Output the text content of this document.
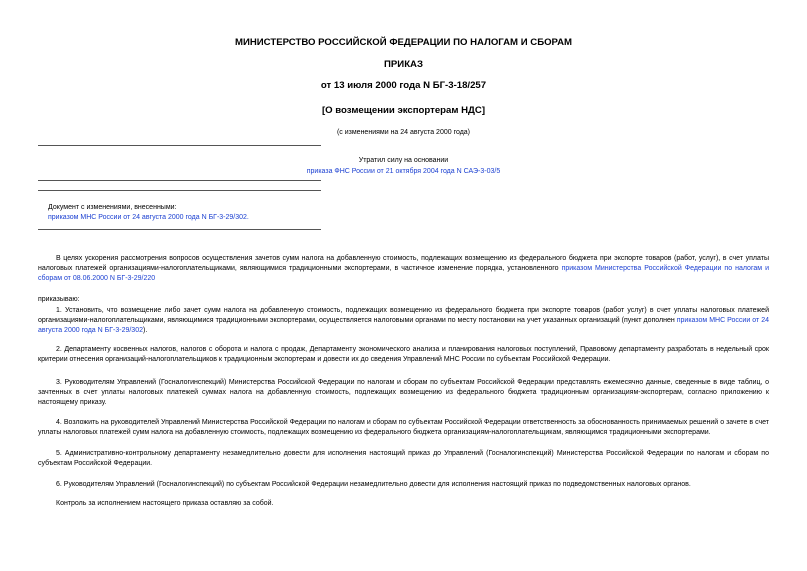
МИНИСТЕРСТВО РОССИЙСКОЙ ФЕДЕРАЦИИ ПО НАЛОГАМ И СБОРАМ
ПРИКАЗ
от 13 июля 2000 года N БГ-3-18/257
[О возмещении экспортерам НДС]
(с изменениями на 24 августа 2000 года)
Утратил силу на основании
приказа ФНС России от 21 октября 2004 года N САЭ-3-03/5
Документ с изменениями, внесенными:
приказом МНС России от 24 августа 2000 года N БГ-3-29/302.
В целях ускорения рассмотрения вопросов осуществления зачетов сумм налога на добавленную стоимость, подлежащих возмещению из федерального бюджета при экспорте товаров (работ, услуг), в счет уплаты налоговых платежей организациями-налогоплательщиками, являющимися традиционными экспортерами, в частичное изменение порядка, установленного приказом Министерства Российской Федерации по налогам и сборам от 08.06.2000 N БГ-3-29/220
приказываю:
1. Установить, что возмещение либо зачет сумм налога на добавленную стоимость, подлежащих возмещению из федерального бюджета при экспорте товаров (работ услуг) в счет уплаты налоговых платежей организациями-налогоплательщиками, являющимися традиционными экспортерами, осуществляется налоговыми органами по месту постановки на учет указанных организаций (пункт дополнен приказом МНС России от 24 августа 2000 года N БГ-3-29/302).
2. Департаменту косвенных налогов, налогов с оборота и налога с продаж, Департаменту экономического анализа и планирования налоговых поступлений, Правовому департаменту разработать в недельный срок критерии отнесения организаций-налогоплательщиков к традиционным экспортерам и довести их до сведения Управлений МНС России по субъектам Российской Федерации.
3. Руководителям Управлений (Госналогинспекций) Министерства Российской Федерации по налогам и сборам по субъектам Российской Федерации представлять ежемесячно данные, сведенные в виде таблиц, о зачтенных в счет уплаты налоговых платежей суммах налога на добавленную стоимость, подлежащих возмещению из федерального бюджета традиционным организациям-экспортерам, согласно приложению к настоящему приказу.
4. Возложить на руководителей Управлений Министерства Российской Федерации по налогам и сборам по субъектам Российской Федерации ответственность за обоснованность принимаемых решений о зачете в счет уплаты налоговых платежей сумм налога на добавленную стоимость, подлежащих возмещению из федерального бюджета организациям-налогоплательщикам, являющимся традиционными экспортерами.
5. Административно-контрольному департаменту незамедлительно довести для исполнения настоящий приказ до Управлений (Госналогинспекций) Министерства Российской Федерации по налогам и сборам по субъектам Российской Федерации.
6. Руководителям Управлений (Госналогинспекций) по субъектам Российской Федерации незамедлительно довести для исполнения настоящий приказ по подведомственных налоговых органов.
Контроль за исполнением настоящего приказа оставляю за собой.
